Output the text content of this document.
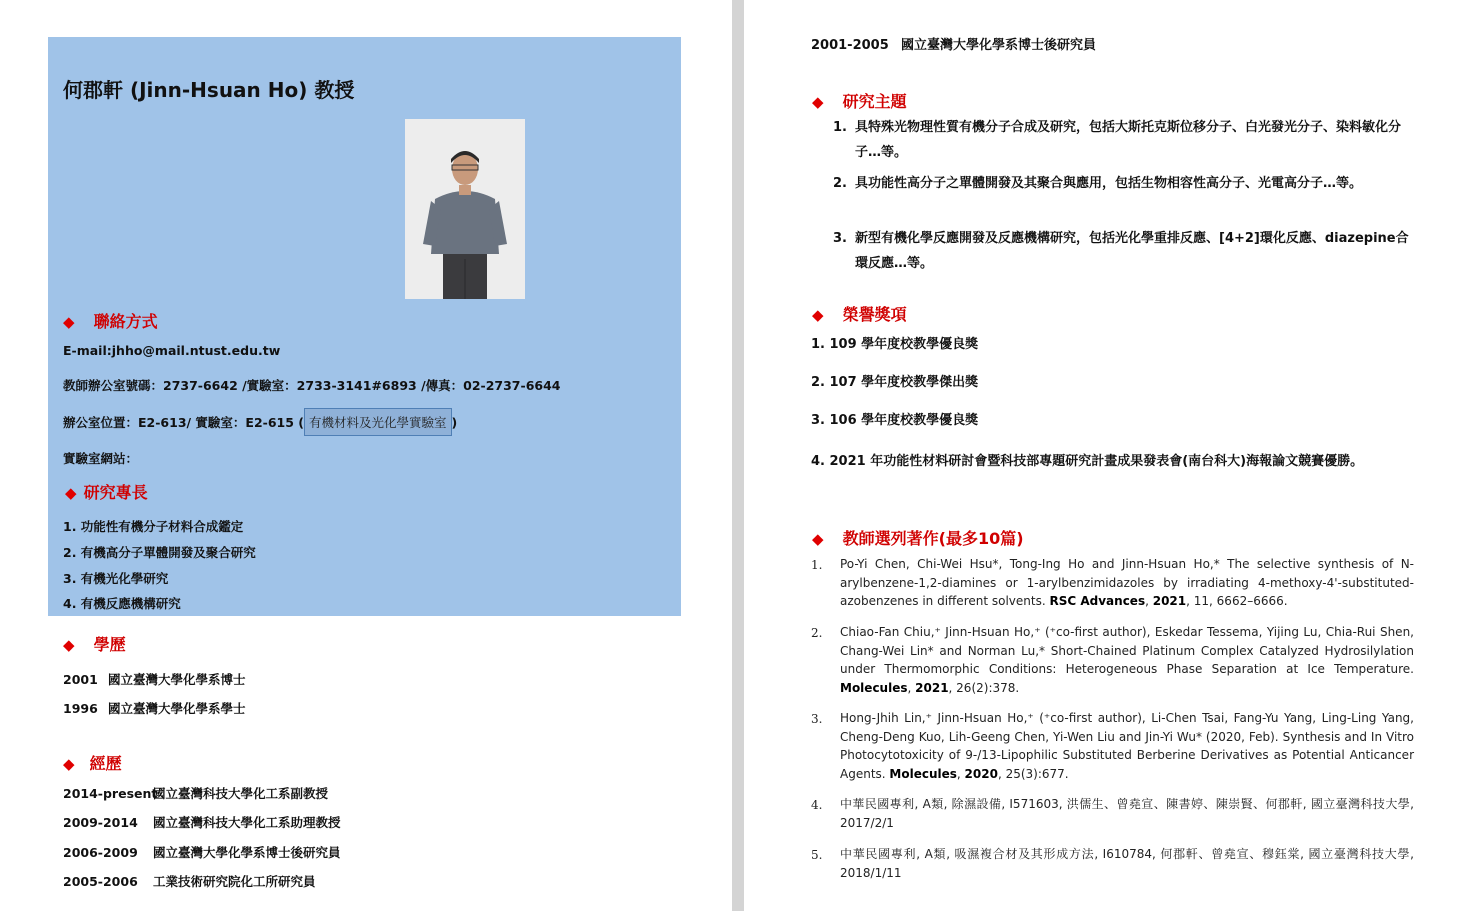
何郡軒 (Jinn-Hsuan Ho) 教授
◆ 聯絡方式
E-mail:jhho@mail.ntust.edu.tw
教師辦公室號碼：2737-6642 /實驗室：2733-3141#6893 /傳真：02-2737-6644
辦公室位置：E2-613/ 實驗室：E2-615 ( 有機材料及光化學實驗室 )
實驗室網站：
◆ 研究專長
1. 功能性有機分子材料合成鑑定
2. 有機高分子單體開發及聚合研究
3. 有機光化學研究
4. 有機反應機構研究
◆ 學歷
2001 國立臺灣大學化學系博士
1996 國立臺灣大學化學系學士
◆ 經歷
2014-present國立臺灣科技大學化工系副教授
2009-2014 國立臺灣科技大學化工系助理教授
2006-2009 國立臺灣大學化學系博士後研究員
2005-2006 工業技術研究院化工所研究員
2001-2005 國立臺灣大學化學系博士後研究員
◆ 研究主題
1. 具特殊光物理性質有機分子合成及研究，包括大斯托克斯位移分子、白光發光分子、染料敏化分子…等。
2. 具功能性高分子之單體開發及其聚合與應用，包括生物相容性高分子、光電高分子…等。
3. 新型有機化學反應開發及反應機構研究，包括光化學重排反應、[4+2]環化反應、diazepine合環反應…等。
◆ 榮譽獎項
1. 109 學年度校教學優良獎
2. 107 學年度校教學傑出獎
3. 106 學年度校教學優良獎
4. 2021 年功能性材料研討會暨科技部專題研究計畫成果發表會(南台科大)海報論文競賽優勝。
◆ 教師選列著作(最多10篇)
1. Po-Yi Chen, Chi-Wei Hsu*, Tong-Ing Ho and Jinn-Hsuan Ho,* The selective synthesis of N-arylbenzene-1,2-diamines or 1-arylbenzimidazoles by irradiating 4-methoxy-4'-substituted-azobenzenes in different solvents. RSC Advances, 2021, 11, 6662–6666.
2. Chiao-Fan Chiu,⁺ Jinn-Hsuan Ho,⁺ (⁺co-first author), Eskedar Tessema, Yijing Lu, Chia-Rui Shen, Chang-Wei Lin* and Norman Lu,* Short-Chained Platinum Complex Catalyzed Hydrosilylation under Thermomorphic Conditions: Heterogeneous Phase Separation at Ice Temperature. Molecules, 2021, 26(2):378.
3. Hong-Jhih Lin,⁺ Jinn-Hsuan Ho,⁺ (⁺co-first author), Li-Chen Tsai, Fang-Yu Yang, Ling-Ling Yang, Cheng-Deng Kuo, Lih-Geeng Chen, Yi-Wen Liu and Jin-Yi Wu* (2020, Feb). Synthesis and In Vitro Photocytotoxicity of 9-/13-Lipophilic Substituted Berberine Derivatives as Potential Anticancer Agents. Molecules, 2020, 25(3):677.
4. 中華民國專利, A類, 除濕設備, I571603, 洪儒生、曾堯宣、陳書婷、陳崇賢、何郡軒, 國立臺灣科技大學, 2017/2/1
5. 中華民國專利, A類, 吸濕複合材及其形成方法, I610784, 何郡軒、曾堯宣、穆鈺棠, 國立臺灣科技大學, 2018/1/11
